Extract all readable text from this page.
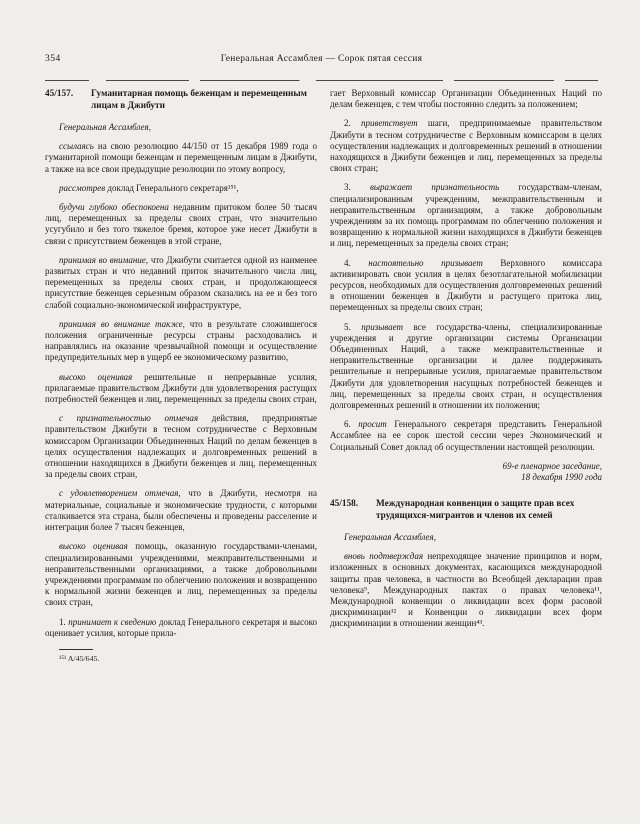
354	Генеральная Ассамблея — Сорок пятая сессия
45/157.	Гуманитарная помощь беженцам и перемещенным лицам в Джибути

Генеральная Ассамблея,

ссылаясь на свою резолюцию 44/150 от 15 декабря 1989 года о гуманитарной помощи беженцам и перемещенным лицам в Джибути, а также на все свои предыдущие резолюции по этому вопросу,

рассмотрев доклад Генерального секретаря¹⁵¹,

будучи глубоко обеспокоена недавним притоком более 50 тысяч лиц, перемещенных за пределы своих стран, что значительно усугубило и без того тяжелое бремя, которое уже несет Джибути в связи с присутствием беженцев в этой стране,

принимая во внимание, что Джибути считается одной из наименее развитых стран и что недавний приток значительного числа лиц, перемещенных за пределы своих стран, и продолжающееся присутствие беженцев серьезным образом сказались на ее и без того слабой социально-экономической инфраструктуре,

принимая во внимание также, что в результате сложившегося положения ограниченные ресурсы страны расходовались и направлялись на оказание чрезвычайной помощи и осуществление предупредительных мер в ущерб ее экономическому развитию,

высоко оценивая решительные и непрерывные усилия, прилагаемые правительством Джибути для удовлетворения растущих потребностей беженцев и лиц, перемещенных за пределы своих стран,

с признательностью отмечая действия, предпринятые правительством Джибути в тесном сотрудничестве с Верховным комиссаром Организации Объединенных Наций по делам беженцев в целях осуществления надлежащих и долговременных решений в отношении находящихся в Джибути беженцев и лиц, перемещенных за пределы своих стран,

с удовлетворением отмечая, что в Джибути, несмотря на материальные, социальные и экономические трудности, с которыми сталкивается эта страна, были обеспечены и проведены расселение и интеграция более 7 тысяч беженцев,

высоко оценивая помощь, оказанную государствами-членами, специализированными учреждениями, межправительственными и неправительственными организациями, а также добровольными учреждениями программам по облегчению положения и возвращению к нормальной жизни беженцев и лиц, перемещенных за пределы своих стран,

1. принимает к сведению доклад Генерального секретаря и высоко оценивает усилия, которые прила-

¹⁵¹ A/45/645.

гает Верховный комиссар Организации Объединенных Наций по делам беженцев, с тем чтобы постоянно следить за положением;

2. приветствует шаги, предпринимаемые правительством Джибути в тесном сотрудничестве с Верховным комиссаром в целях осуществления надлежащих и долговременных решений в отношении находящихся в Джибути беженцев и лиц, перемещенных за пределы своих стран;

3. выражает признательность государствам-членам, специализированным учреждениям, межправительственным и неправительственным организациям, а также добровольным учреждениям за их помощь программам по облегчению положения и возвращению к нормальной жизни находящихся в Джибути беженцев и лиц, перемещенных за пределы своих стран;

4. настоятельно призывает Верховного комиссара активизировать свои усилия в целях безотлагательной мобилизации ресурсов, необходимых для осуществления долговременных решений в отношении беженцев в Джибути и растущего притока лиц, перемещенных за пределы своих стран;

5. призывает все государства-члены, специализированные учреждения и другие организации системы Организации Объединенных Наций, а также межправительственные и неправительственные организации и далее поддерживать решительные и непрерывные усилия, прилагаемые правительством Джибути для удовлетворения насущных потребностей беженцев и лиц, перемещенных за пределы своих стран, и осуществления долговременных решений в отношении их положения;

6. просит Генерального секретаря представить Генеральной Ассамблее на ее сорок шестой сессии через Экономический и Социальный Совет доклад об осуществлении настоящей резолюции.

69-е пленарное заседание,
18 декабря 1990 года
45/158.	Международная конвенция о защите прав всех трудящихся-мигрантов и членов их семей

Генеральная Ассамблея,

вновь подтверждая непреходящее значение принципов и норм, изложенных в основных документах, касающихся международной защиты прав человека, в частности во Всеобщей декларации прав человека⁹, Международных пактах о правах человека¹¹, Международной конвенции о ликвидации всех форм расовой дискриминации¹² и Конвенции о ликвидации всех форм дискриминации в отношении женщин⁴³.
